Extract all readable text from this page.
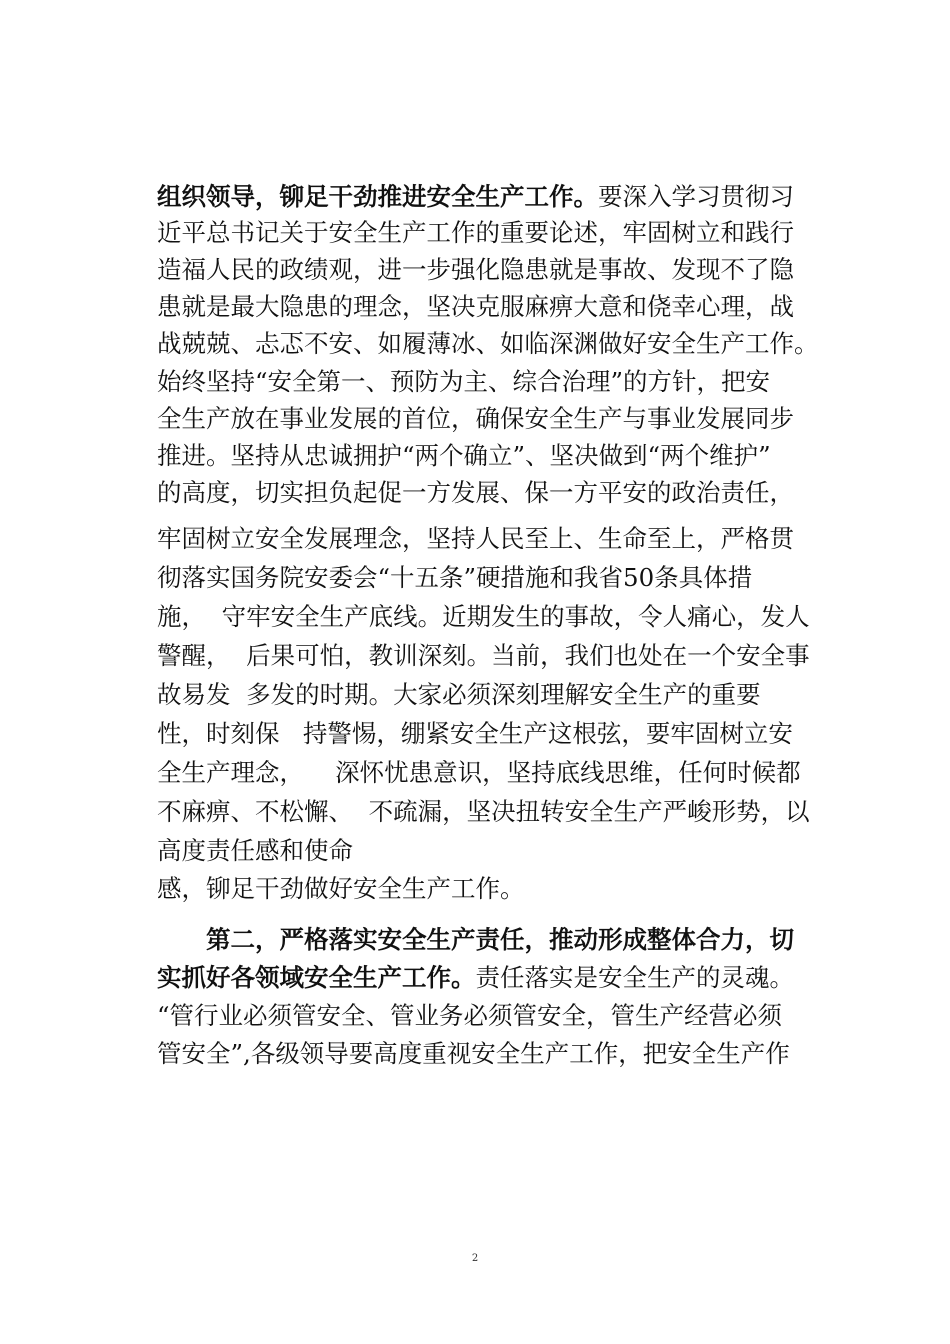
组织领导，铆足干劲推进安全生产工作。要深入学习贯彻习
近平总书记关于安全生产工作的重要论述，牢固树立和践行
造福人民的政绩观，进一步强化隐患就是事故、发现不了隐
患就是最大隐患的理念，坚决克服麻痹大意和侥幸心理，战
战兢兢、忐忑不安、如履薄冰、如临深渊做好安全生产工作。
始终坚持“安全第一、预防为主、综合治理”的方针，把安
全生产放在事业发展的首位，确保安全生产与事业发展同步
推进。坚持从忠诚拥护“两个确立”、坚决做到“两个维护”
的高度，切实担负起促一方发展、保一方平安的政治责任，
牢固树立安全发展理念，坚持人民至上、生命至上，严格贯
彻落实国务院安委会“十五条”硬措施和我省50条具体措
施，  守牢安全生产底线。近期发生的事故，令人痛心，发人
警醒，  后果可怕，教训深刻。当前，我们也处在一个安全事
故易发  多发的时期。大家必须深刻理解安全生产的重要
性，时刻保   持警惕，绷紧安全生产这根弦，要牢固树立安
全生产理念，    深怀忧患意识，坚持底线思维，任何时候都
不麻痹、不松懈、  不疏漏，坚决扭转安全生产严峻形势，以
高度责任感和使命
感，铆足干劲做好安全生产工作。
第二，严格落实安全生产责任，推动形成整体合力，切
实抓好各领域安全生产工作。责任落实是安全生产的灵魂。
“管行业必须管安全、管业务必须管安全，管生产经营必须
管安全”,各级领导要高度重视安全生产工作，把安全生产作
2
